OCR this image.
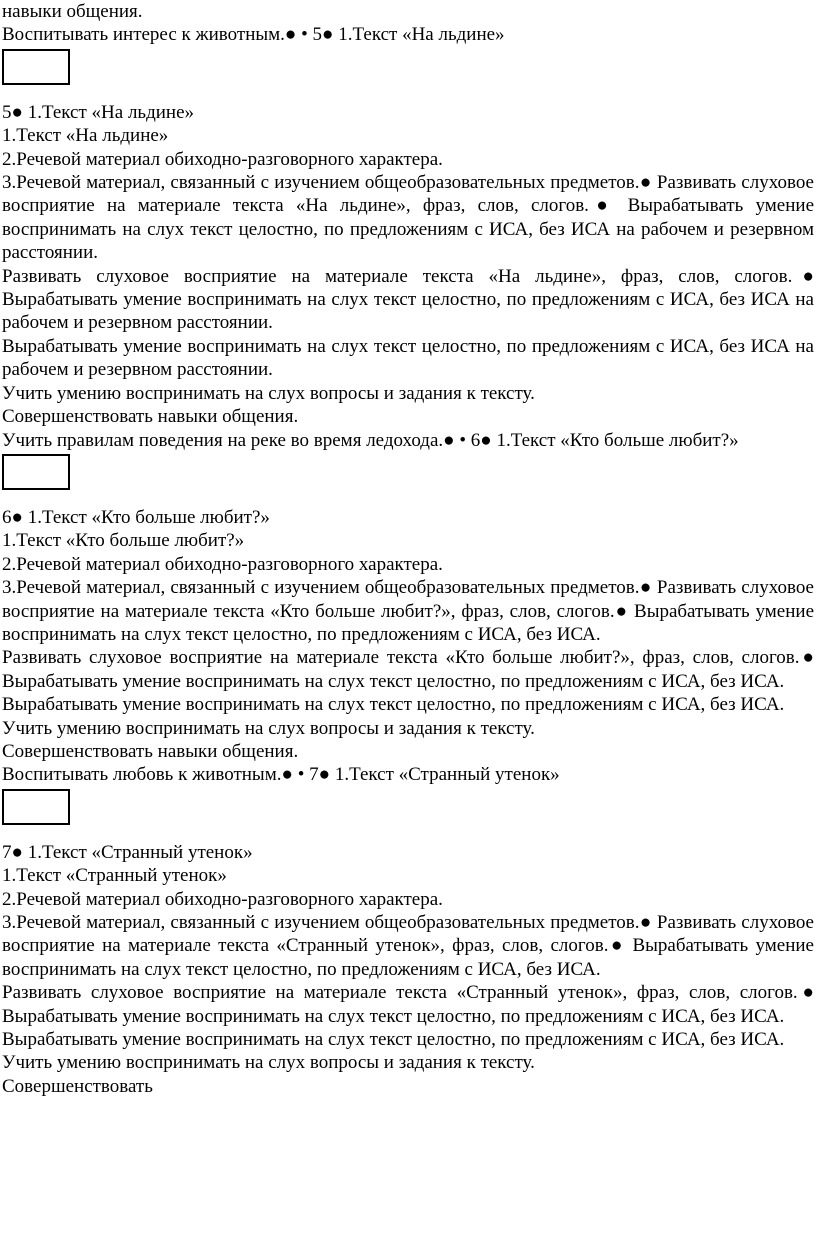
навыки общения.

Воспитывать интерес к животным.● • 5● 1.Текст «На льдине»

5● 1.Текст «На льдине»

1.Текст «На льдине»

2.Речевой материал обиходно-разговорного характера.

3.Речевой материал, связанный с изучением общеобразовательных предметов.● Развивать слуховое восприятие на материале текста «На льдине», фраз, слов, слогов.● Вырабатывать умение воспринимать на слух текст целостно, по предложениям с ИСА, без ИСА на рабочем и резервном расстоянии.

Развивать слуховое восприятие на материале текста «На льдине», фраз, слов, слогов.● Вырабатывать умение воспринимать на слух текст целостно, по предложениям с ИСА, без ИСА на рабочем и резервном расстоянии.

Вырабатывать умение воспринимать на слух текст целостно, по предложениям с ИСА, без ИСА на рабочем и резервном расстоянии.

Учить умению воспринимать на слух вопросы и задания к тексту.

Совершенствовать навыки общения.

Учить правилам поведения на реке во время ледохода.● • 6● 1.Текст «Кто больше любит?»

6● 1.Текст «Кто больше любит?»

1.Текст «Кто больше любит?»

2.Речевой материал обиходно-разговорного характера.

3.Речевой материал, связанный с изучением общеобразовательных предметов.● Развивать слуховое восприятие на материале текста «Кто больше любит?», фраз, слов, слогов.● Вырабатывать умение воспринимать на слух текст целостно, по предложениям с ИСА, без ИСА.

Развивать слуховое восприятие на материале текста «Кто больше любит?», фраз, слов, слогов.● Вырабатывать умение воспринимать на слух текст целостно, по предложениям с ИСА, без ИСА.

Вырабатывать умение воспринимать на слух текст целостно, по предложениям с ИСА, без ИСА.

Учить умению воспринимать на слух вопросы и задания к тексту.

Совершенствовать навыки общения.

Воспитывать любовь к животным.● • 7● 1.Текст «Странный утенок»

7● 1.Текст «Странный утенок»

1.Текст «Странный утенок»

2.Речевой материал обиходно-разговорного характера.

3.Речевой материал, связанный с изучением общеобразовательных предметов.● Развивать слуховое восприятие на материале текста «Странный утенок», фраз, слов, слогов.● Вырабатывать умение воспринимать на слух текст целостно, по предложениям с ИСА, без ИСА.

Развивать слуховое восприятие на материале текста «Странный утенок», фраз, слов, слогов.● Вырабатывать умение воспринимать на слух текст целостно, по предложениям с ИСА, без ИСА.

Вырабатывать умение воспринимать на слух текст целостно, по предложениям с ИСА, без ИСА.

Учить умению воспринимать на слух вопросы и задания к тексту.

Совершенствовать
